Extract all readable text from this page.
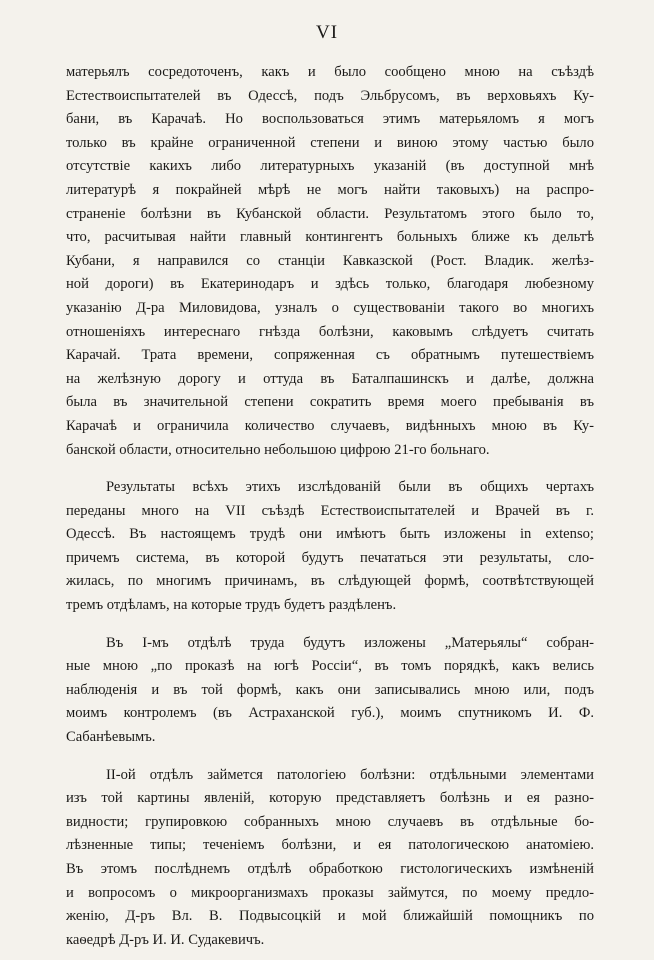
VI
матерьялъ сосредоточенъ, какъ и было сообщено мною на съѣздѣ
Естествоиспытателей въ Одессѣ, подъ Эльбрусомъ, въ верховьяхъ Ку-
бани, въ Карачаѣ. Но воспользоваться этимъ матерьяломъ я могъ
только въ крайне ограниченной степени и виною этому частью было
отсутствіе какихъ либо литературныхъ указаній (въ доступной мнѣ
литературѣ я покрайней мѣрѣ не могъ найти таковыхъ) на распро-
страненіе болѣзни въ Кубанской области. Результатомъ этого было то,
что, расчитывая найти главный контингентъ больныхъ ближе къ дельтѣ
Кубани, я направился со станціи Кавказской (Рост. Владик. желѣз-
ной дороги) въ Екатеринодаръ и здѣсь только, благодаря любезному
указанію Д-ра Миловидова, узналъ о существованіи такого во многихъ
отношеніяхъ интереснаго гнѣзда болѣзни, каковымъ слѣдуетъ считать
Карачай. Трата времени, сопряженная съ обратнымъ путешествіемъ
на желѣзную дорогу и оттуда въ Баталпашинскъ и далѣе, должна
была въ значительной степени сократить время моего пребыванія въ
Карачаѣ и ограничила количество случаевъ, видѣнныхъ мною въ Ку-
банской области, относительно небольшою цифрою 21-го больнаго.
Результаты всѣхъ этихъ изслѣдованій были въ общихъ чертахъ
переданы много на VII съѣздѣ Естествоиспытателей и Врачей въ г.
Одессѣ. Въ настоящемъ трудѣ они имѣютъ быть изложены in extenso;
причемъ система, въ которой будутъ печататься эти результаты, сло-
жилась, по многимъ причинамъ, въ слѣдующей формѣ, соотвѣтствующей
тремъ отдѣламъ, на которые трудъ будетъ раздѣленъ.
Въ I-мъ отдѣлѣ труда будутъ изложены „Матерьялы“ собран-
ные мною „по проказѣ на югѣ Россіи“, въ томъ порядкѣ, какъ велись
наблюденія и въ той формѣ, какъ они записывались мною или, подъ
моимъ контролемъ (въ Астраханской губ.), моимъ спутникомъ И. Ф.
Сабанѣевымъ.
II-ой отдѣлъ займется патологіею болѣзни: отдѣльными элементами
изъ той картины явленій, которую представляетъ болѣзнь и ея разно-
видности; групировкою собранныхъ мною случаевъ въ отдѣльные бо-
лѣзненные типы; теченіемъ болѣзни, и ея патологическою анатоміею.
Въ этомъ послѣднемъ отдѣлѣ обработкою гистологическихъ измѣненій
и вопросомъ о микроорганизмахъ проказы займутся, по моему предло-
женію, Д-ръ Вл. В. Подвысоцкій и мой ближайшій помощникъ по
каѳедрѣ Д-ръ И. И. Судакевичъ.
